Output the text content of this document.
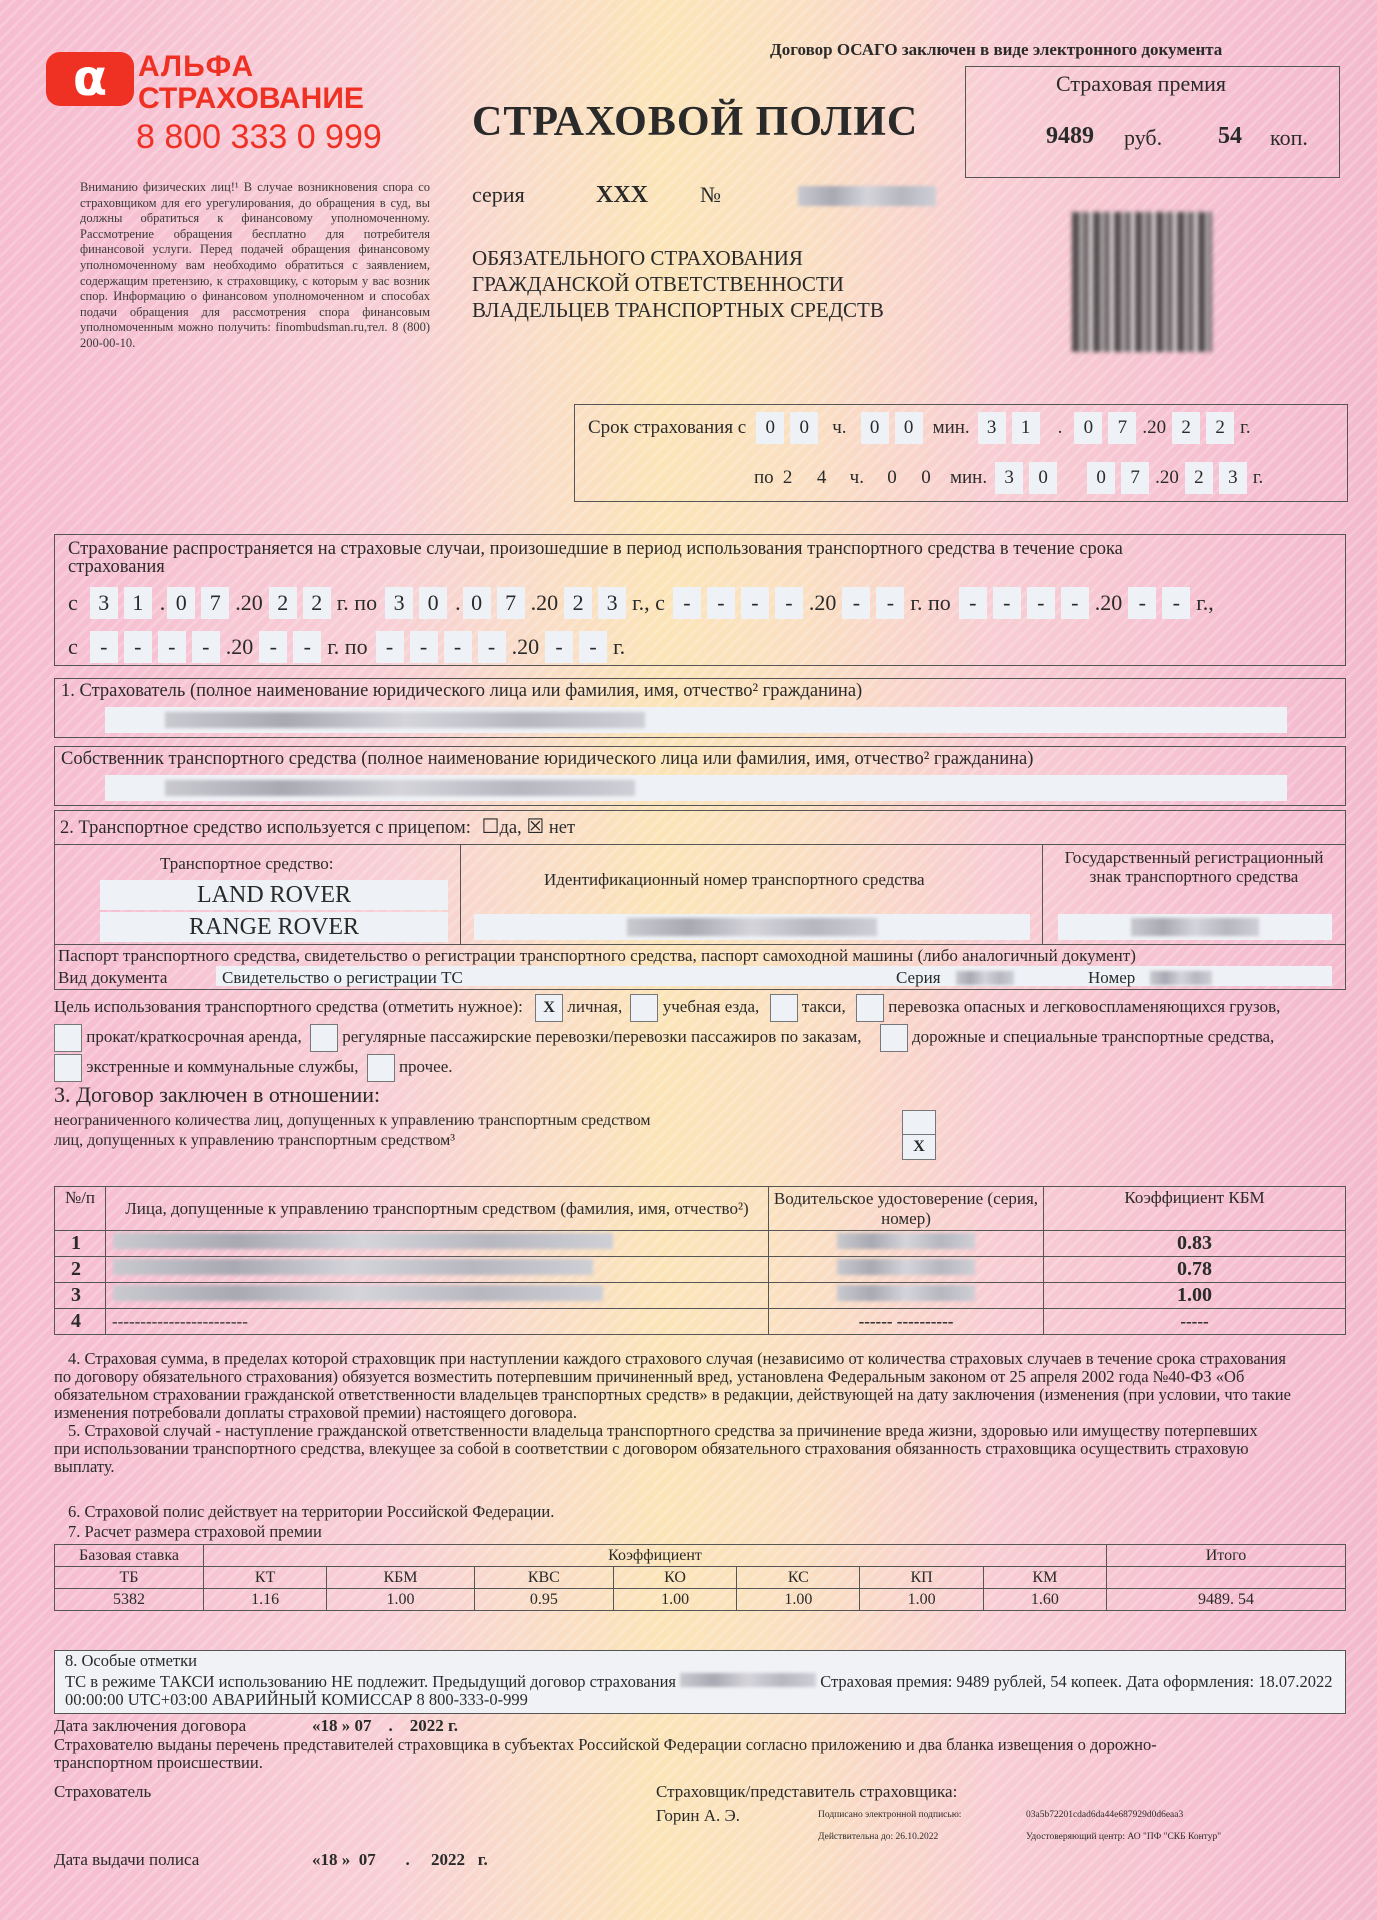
α	АЛЬФА
СТРАХОВАНИЕ
8 800 333 0 999
Вниманию физических лиц!¹ В случае возникновения спора со страховщиком для его урегулирования, до обращения в суд, вы должны обратиться к финансовому уполномоченному. Рассмотрение обращения бесплатно для потребителя финансовой услуги. Перед подачей обращения финансовому уполномоченному вам необходимо обратиться с заявлением, содержащим претензию, к страховщику, с которым у вас возник спор. Информацию о финансовом уполномоченном и способах подачи обращения для рассмотрения спора финансовым уполномоченным можно получить: finombudsman.ru,тел. 8 (800) 200-00-10.
Договор ОСАГО заключен в виде электронного документа
СТРАХОВОЙ ПОЛИС
серия	XXX №
ОБЯЗАТЕЛЬНОГО СТРАХОВАНИЯ
ГРАЖДАНСКОЙ ОТВЕТСТВЕННОСТИ
ВЛАДЕЛЬЦЕВ ТРАНСПОРТНЫХ СРЕДСТВ
Страховая премия
9489 руб. 54 коп.
Срок страхования с	0	0	ч.	0	0	мин. 3	1	.	0	7 .20 2	2 г.
по 2	4	ч.	0	0	мин. 3	0	0	7 .20 2	3 г.
Страхование распространяется на страховые случаи, произошедшие в период использования транспортного средства в течение срока страхования
с 3	1 . 0	7 .20 2	2 г. по 3	0 . 0	7 .20 2	3 г., с -	-	-	- .20 -	- г. по -	-	-	- .20 -	- г.,
с	-	-	-	- .20 -	- г. по -	-	-	- .20 -	- г.
1. Страхователь (полное наименование юридического лица или фамилия, имя, отчество² гражданина)
Собственник транспортного средства (полное наименование юридического лица или фамилия, имя, отчество² гражданина)
2. Транспортное средство используется с прицепом: ☐да, ☒ нет
Транспортное средство:
LAND ROVER
RANGE ROVER
Идентификационный номер транспортного средства
Государственный регистрационный знак транспортного средства
Паспорт транспортного средства, свидетельство о регистрации транспортного средства, паспорт самоходной машины (либо аналогичный документ)
Вид документа	Свидетельство о регистрации ТС	Серия	Номер
Цель использования транспортного средства (отметить нужное): X личная, учебная езда,	такси,	перевозка опасных и легковоспламеняющихся грузов,
прокат/краткосрочная аренда, регулярные пассажирские перевозки/перевозки пассажиров по заказам,	дорожные и специальные транспортные средства,
экстренные и коммунальные службы, прочее.
3. Договор заключен в отношении:
неограниченного количества лиц, допущенных к управлению транспортным средством
лиц, допущенных к управлению транспортным средством³	X
№/п	Лица, допущенные к управлению транспортным средством (фамилия, имя, отчество²)	Водительское удостоверение (серия, номер)	Коэффициент КБМ
1			0.83
2			0.78
3			1.00
4	------------------------	------ ----------	-----
4. Страховая сумма, в пределах которой страховщик при наступлении каждого страхового случая (независимо от количества страховых случаев в течение срока страхования по договору обязательного страхования) обязуется возместить потерпевшим причиненный вред, установлена Федеральным законом от 25 апреля 2002 года №40-ФЗ «Об обязательном страховании гражданской ответственности владельцев транспортных средств» в редакции, действующей на дату заключения (изменения (при условии, что такие изменения потребовали доплаты страховой премии) настоящего договора.
5. Страховой случай - наступление гражданской ответственности владельца транспортного средства за причинение вреда жизни, здоровью или имуществу потерпевших при использовании транспортного средства, влекущее за собой в соответствии с договором обязательного страхования обязанность страховщика осуществить страховую выплату.
6. Страховой полис действует на территории Российской Федерации.
7. Расчет размера страховой премии
Базовая ставка	Коэффициент							Итого
ТБ	КТ	КБМ	КВС	КО	КС	КП	КМ	
5382	1.16	1.00	0.95	1.00	1.00	1.00	1.60	9489. 54
8. Особые отметки
ТС в режиме ТАКСИ использованию НЕ подлежит. Предыдущий договор страхования	Страховая премия: 9489 рублей, 54 копеек. Дата оформления: 18.07.2022 00:00:00 UTC+03:00 АВАРИЙНЫЙ КОМИССАР 8 800-333-0-999
Дата заключения договора	«18 » 07    .    2022 г.
Страхователю выданы перечень представителей страховщика в субъектах Российской Федерации согласно приложению и два бланка извещения о дорожно-транспортном происшествии.
Страхователь	Страховщик/представитель страховщика:
Горин А. Э.	Подписано электронной подписью:	03a5b72201cdad6da44e687929d0d6eaa3
Действительна до: 26.10.2022	Удостоверяющий центр: АО "ПФ "СКБ Контур"
Дата выдачи полиса	«18 »  07       .     2022   г.
